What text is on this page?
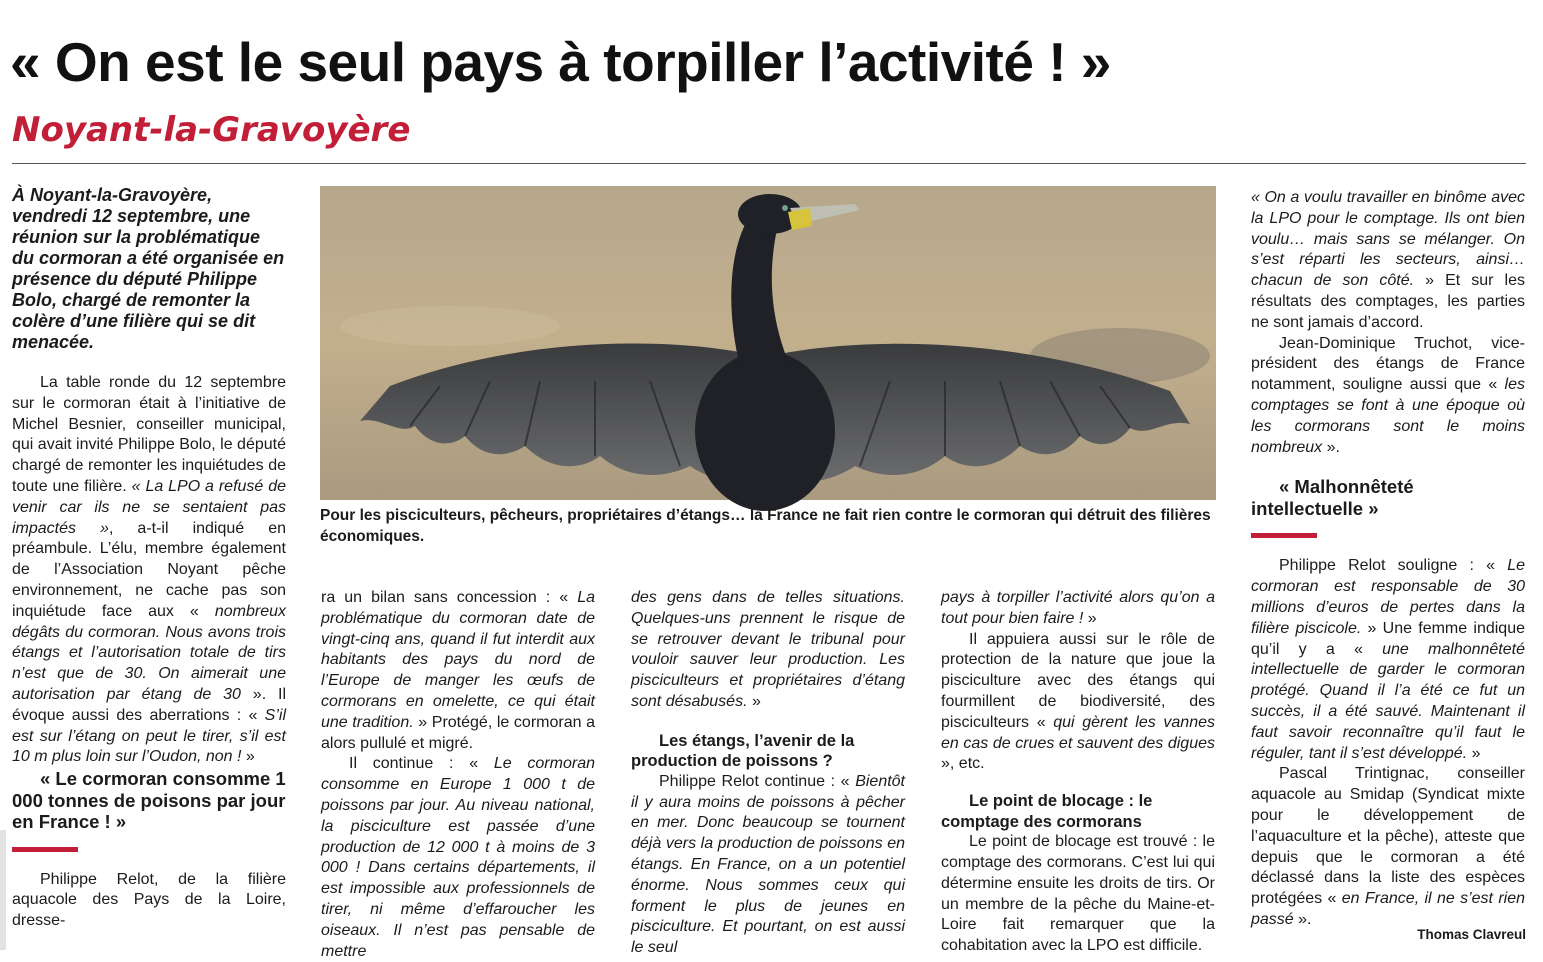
« On est le seul pays à torpiller l’activité ! »
Noyant-la-Gravoyère

À Noyant-la-Gravoyère, vendredi 12 septembre, une réunion sur la problématique du cormoran a été organisée en présence du député Philippe Bolo, chargé de remonter la colère d’une filière qui se dit menacée.

La table ronde du 12 septembre sur le cormoran était à l’initiative de Michel Besnier, conseiller municipal, qui avait invité Philippe Bolo, le député chargé de remonter les inquiétudes de toute une filière. « La LPO a refusé de venir car ils ne se sentaient pas impactés », a-t-il indiqué en préambule. L’élu, membre également de l’Association Noyant pêche environnement, ne cache pas son inquiétude face aux « nombreux dégâts du cormoran. Nous avons trois étangs et l’autorisation totale de tirs n’est que de 30. On aimerait une autorisation par étang de 30 ». Il évoque aussi des aberrations : « S’il est sur l’étang on peut le tirer, s’il est 10 m plus loin sur l’Oudon, non ! »

« Le cormoran consomme 1 000 tonnes de poisons par jour en France ! »

Philippe Relot, de la filière aquacole des Pays de la Loire, dresse-

Pour les pisciculteurs, pêcheurs, propriétaires d’étangs… la France ne fait rien contre le cormoran qui détruit des filières économiques.

ra un bilan sans concession : « La problématique du cormoran date de vingt-cinq ans, quand il fut interdit aux habitants des pays du nord de l’Europe de manger les œufs de cormorans en omelette, ce qui était une tradition. » Protégé, le cormoran a alors pullulé et migré.

Il continue : « Le cormoran consomme en Europe 1 000 t de poissons par jour. Au niveau national, la pisciculture est passée d’une production de 12 000 t à moins de 3 000 ! Dans certains départements, il est impossible aux professionnels de tirer, ni même d’effaroucher les oiseaux. Il n’est pas pensable de mettre

des gens dans de telles situations. Quelques-uns prennent le risque de se retrouver devant le tribunal pour vouloir sauver leur production. Les pisciculteurs et propriétaires d’étang sont désabusés. »

Les étangs, l’avenir de la production de poissons ?

Philippe Relot continue : « Bientôt il y aura moins de poissons à pêcher en mer. Donc beaucoup se tournent déjà vers la production de poissons en étangs. En France, on a un potentiel énorme. Nous sommes ceux qui forment le plus de jeunes en pisciculture. Et pourtant, on est aussi le seul

pays à torpiller l’activité alors qu’on a tout pour bien faire ! »

Il appuiera aussi sur le rôle de protection de la nature que joue la pisciculture avec des étangs qui fourmillent de biodiversité, des pisciculteurs « qui gèrent les vannes en cas de crues et sauvent des digues », etc.

Le point de blocage : le comptage des cormorans

Le point de blocage est trouvé : le comptage des cormorans. C’est lui qui détermine ensuite les droits de tirs. Or un membre de la pêche du Maine-et-Loire fait remarquer que la cohabitation avec la LPO est difficile.

« On a voulu travailler en binôme avec la LPO pour le comptage. Ils ont bien voulu… mais sans se mélanger. On s’est réparti les secteurs, ainsi… chacun de son côté. » Et sur les résultats des comptages, les parties ne sont jamais d’accord.

Jean-Dominique Truchot, vice-président des étangs de France notamment, souligne aussi que « les comptages se font à une époque où les cormorans sont le moins nombreux ».

« Malhonnêteté intellectuelle »

Philippe Relot souligne : « Le cormoran est responsable de 30 millions d’euros de pertes dans la filière piscicole. » Une femme indique qu’il y a « une malhonnêteté intellectuelle de garder le cormoran protégé. Quand il l’a été ce fut un succès, il a été sauvé. Maintenant il faut savoir reconnaître qu’il faut le réguler, tant il s’est développé. »

Pascal Trintignac, conseiller aquacole au Smidap (Syndicat mixte pour le développement de l’aquaculture et la pêche), atteste que depuis que le cormoran a été déclassé dans la liste des espèces protégées « en France, il ne s’est rien passé ».

Thomas Clavreul
